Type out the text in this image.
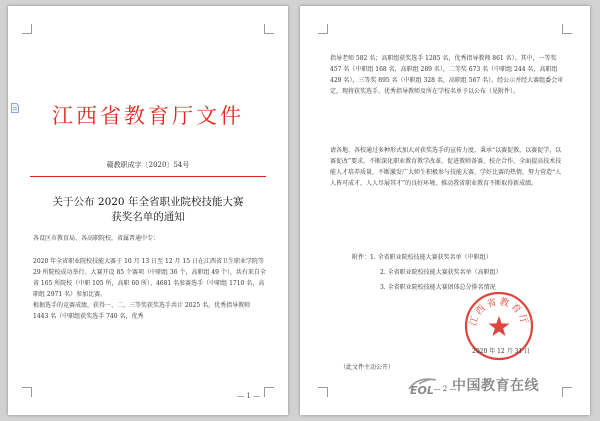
江西省教育厅文件
赣教职成字〔2020〕54号
关于公布 2020 年全省职业院校技能大赛
获奖名单的通知
各设区市教育局、各高职院校，省属普通中专：

2020 年全省职业院校技能大赛于 10 月 13 日至 12 月 15 日在江西省卫生职业学院等 29 所院校成功举行。大赛开设 85 个赛项（中职组 36 个，高职组 49 个），共有来自全省 165 所院校（中职 105 所，高职 60 所）、4681 名参赛选手（中职组 1710 名，高职组 2971 名）参加比赛。
根据选手的竞赛成绩，获得一、二、三等奖获奖选手共计 2025 名，优秀指导教师 1443 名（中职组获奖选手 740 名，优秀

— 1 —

指导老师 582 名；高职组获奖选手 1285 名，优秀指导教师 861 名）。其中，一等奖 457 名（中职组 168 名，高职组 289 名），二等奖 673 名（中职组 244 名，高职组 429 名），三等奖 895 名（中职组 328 名，高职组 567 名）。经公示并经大赛组委会审定，现将获奖选手、优秀指导教师及所在学校名单予以公布（见附件）。

请各地、各校通过多种形式加大对获奖选手的宣传力度，秉承“以赛促教，以赛促学，以赛促改”要求，不断深化职业教育教学改革，促进教师备赛、校企合作，全面提高技术技能人才培养质量，不断激发广大师生积极参与技能大赛、学好比赛的热情，努力营造“人人皆可成才，人人尽展其才”的良好环境，推动我省职业教育不断取得新成绩。

附件：1. 全省职业院校技能大赛获奖名单（中职组）
2. 全省职业院校技能大赛获奖名单（高职组）
3. 全省职业院校技能大赛团体总分排名情况
江西省教育厅
2020 年 12 月 31 日
（此文件主动公开）
— 2 —
EOL 中国教育在线
